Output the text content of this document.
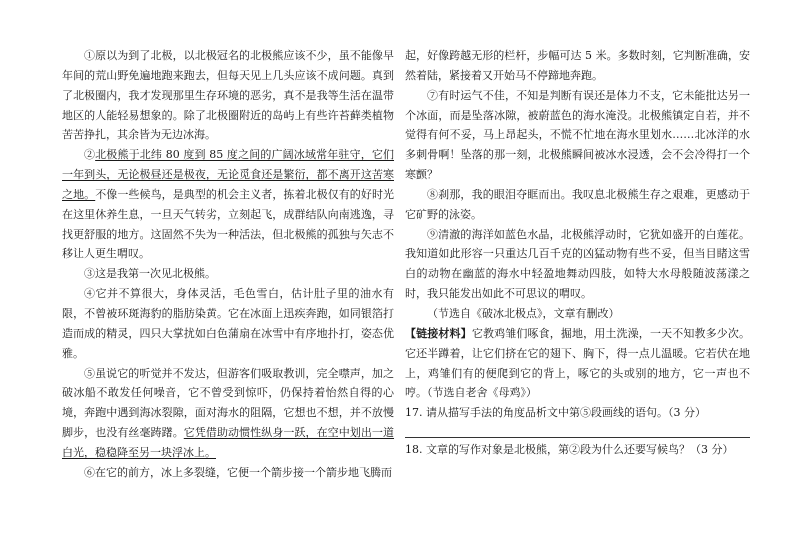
①原以为到了北极，以北极冠名的北极熊应该不少，虽不能像早年间的荒山野免遍地跑来跑去，但每天见上几头应该不成问题。真到了北极圈内，我才发现那里生存环境的恶劣，真不是我等生活在温带地区的人能轻易想象的。除了北极圈附近的岛屿上有些许苔藓类植物苦苦挣扎，其余皆为无边冰海。

②北极熊于北纬 80 度到 85 度之间的广阔冰域常年驻守，它们一年到头，无论极昼还是极夜，无论觅食还是繁衍，都不离开这苦寒之地。不像一些候鸟，是典型的机会主义者，拣着北极仅有的好时光在这里休养生息，一旦天气转劣，立刻起飞，成群结队向南逃逸，寻找更舒服的地方。这固然不失为一种活法，但北极熊的孤独与矢志不移让人更生喟叹。

③这是我第一次见北极熊。

④它并不算很大，身体灵活，毛色雪白，估计肚子里的油水有限，不曾被环斑海豹的脂肪染黄。它在冰面上迅疾奔跑，如同银箔打造而成的精灵，四只大掌扰如白色蒲扇在冰雪中有序地扑打，姿态优雅。

⑤虽说它的听觉并不发达，但游客们吸取教训，完全噤声，加之破冰船不敢发任何噪音，它不曾受到惊吓，仍保持着怡然自得的心境，奔跑中遇到海冰裂隙，面对海水的阻隔，它想也不想，并不放慢脚步，也没有丝毫踌躇。它凭借助动惯性纵身一跃，在空中划出一道白光，稳稳降至另一块浮冰上。

⑥在它的前方，冰上多裂缝，它便一个箭步接一个箭步地飞腾而

起，好像跨越无形的栏杆，步幅可达 5 米。多数时刻，它判断准确，安然着陆，紧接着又开始马不停蹄地奔跑。

⑦有时运气不佳，不知是判断有误还是体力不支，它未能批达另一个冰面，而是坠落冰隙，被蔚蓝色的海水淹没。北极熊镇定自若，并不觉得有何不妥，马上昂起头，不慌不忙地在海水里划水……北冰洋的水多刺骨啊！坠落的那一刻，北极熊瞬间被冰水浸透，会不会冷得打一个寒颤？

⑧刹那，我的眼泪夺眶而出。我叹息北极熊生存之艰难，更感动于它矿野的泳姿。

⑨清澈的海洋如蓝色水晶，北极熊浮动时，它犹如盛开的白莲花。我知道如此形容一只重达几百千克的凶猛动物有些不妥，但当目睹这雪白的动物在幽蓝的海水中轻盈地舞动四肢，如特大水母般随波荡漾之时，我只能发出如此不可思议的喟叹。

（节选自《破冰北极点》，文章有删改）

【链接材料】它教鸡雏们啄食，掘地，用土洗澡，一天不知教多少次。它还半蹲着，让它们挤在它的翅下、胸下，得一点儿温暖。它若伏在地上，鸡雏们有的便爬到它的背上，啄它的头或别的地方，它一声也不哼。（节选自老舍《母鸡》）

17. 请从描写手法的角度品析文中第⑤段画线的语句。（3 分）

18. 文章的写作对象是北极熊，第②段为什么还要写候鸟？（3 分）
